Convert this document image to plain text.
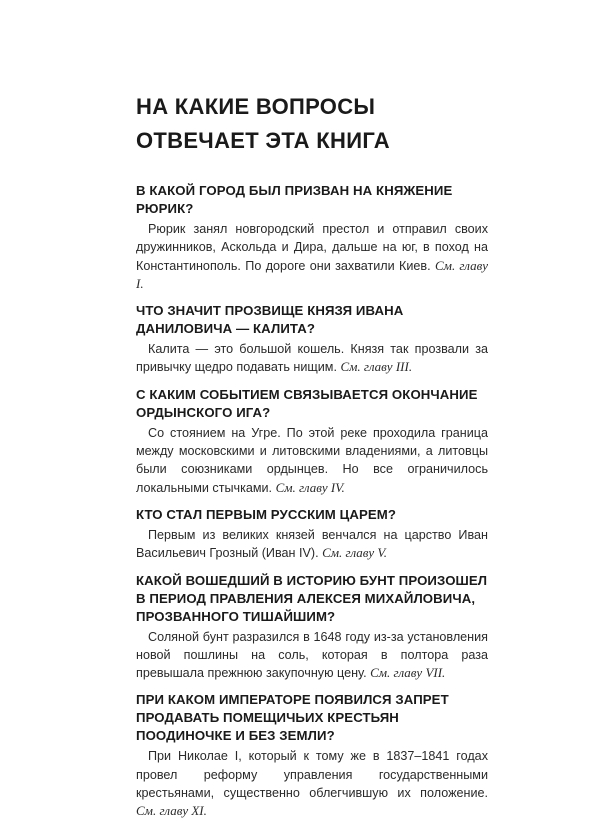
НА КАКИЕ ВОПРОСЫ
ОТВЕЧАЕТ ЭТА КНИГА

В КАКОЙ ГОРОД БЫЛ ПРИЗВАН НА КНЯЖЕНИЕ РЮРИК?

Рюрик занял новгородский престол и отправил своих дружинников, Аскольда и Дира, дальше на юг, в поход на Константинополь. По дороге они захватили Киев. См. главу I.

ЧТО ЗНАЧИТ ПРОЗВИЩЕ КНЯЗЯ ИВАНА ДАНИЛОВИЧА — КАЛИТА?

Калита — это большой кошель. Князя так прозвали за привычку щедро подавать нищим. См. главу III.

С КАКИМ СОБЫТИЕМ СВЯЗЫВАЕТСЯ ОКОНЧАНИЕ ОРДЫНСКОГО ИГА?

Со стоянием на Угре. По этой реке проходила граница между московскими и литовскими владениями, а литовцы были союзниками ордынцев. Но все ограничилось локальными стычками. См. главу IV.

КТО СТАЛ ПЕРВЫМ РУССКИМ ЦАРЕМ?

Первым из великих князей венчался на царство Иван Васильевич Грозный (Иван IV). См. главу V.

КАКОЙ ВОШЕДШИЙ В ИСТОРИЮ БУНТ ПРОИЗОШЕЛ В ПЕРИОД ПРАВЛЕНИЯ АЛЕКСЕЯ МИХАЙЛОВИЧА, ПРОЗВАННОГО ТИШАЙШИМ?

Соляной бунт разразился в 1648 году из-за установления новой пошлины на соль, которая в полтора раза превышала прежнюю закупочную цену. См. главу VII.

ПРИ КАКОМ ИМПЕРАТОРЕ ПОЯВИЛСЯ ЗАПРЕТ ПРОДАВАТЬ ПОМЕЩИЧЬИХ КРЕСТЬЯН ПООДИНОЧКЕ И БЕЗ ЗЕМЛИ?

При Николае I, который к тому же в 1837–1841 годах провел реформу управления государственными крестьянами, существенно облегчившую их положение. См. главу XI.
